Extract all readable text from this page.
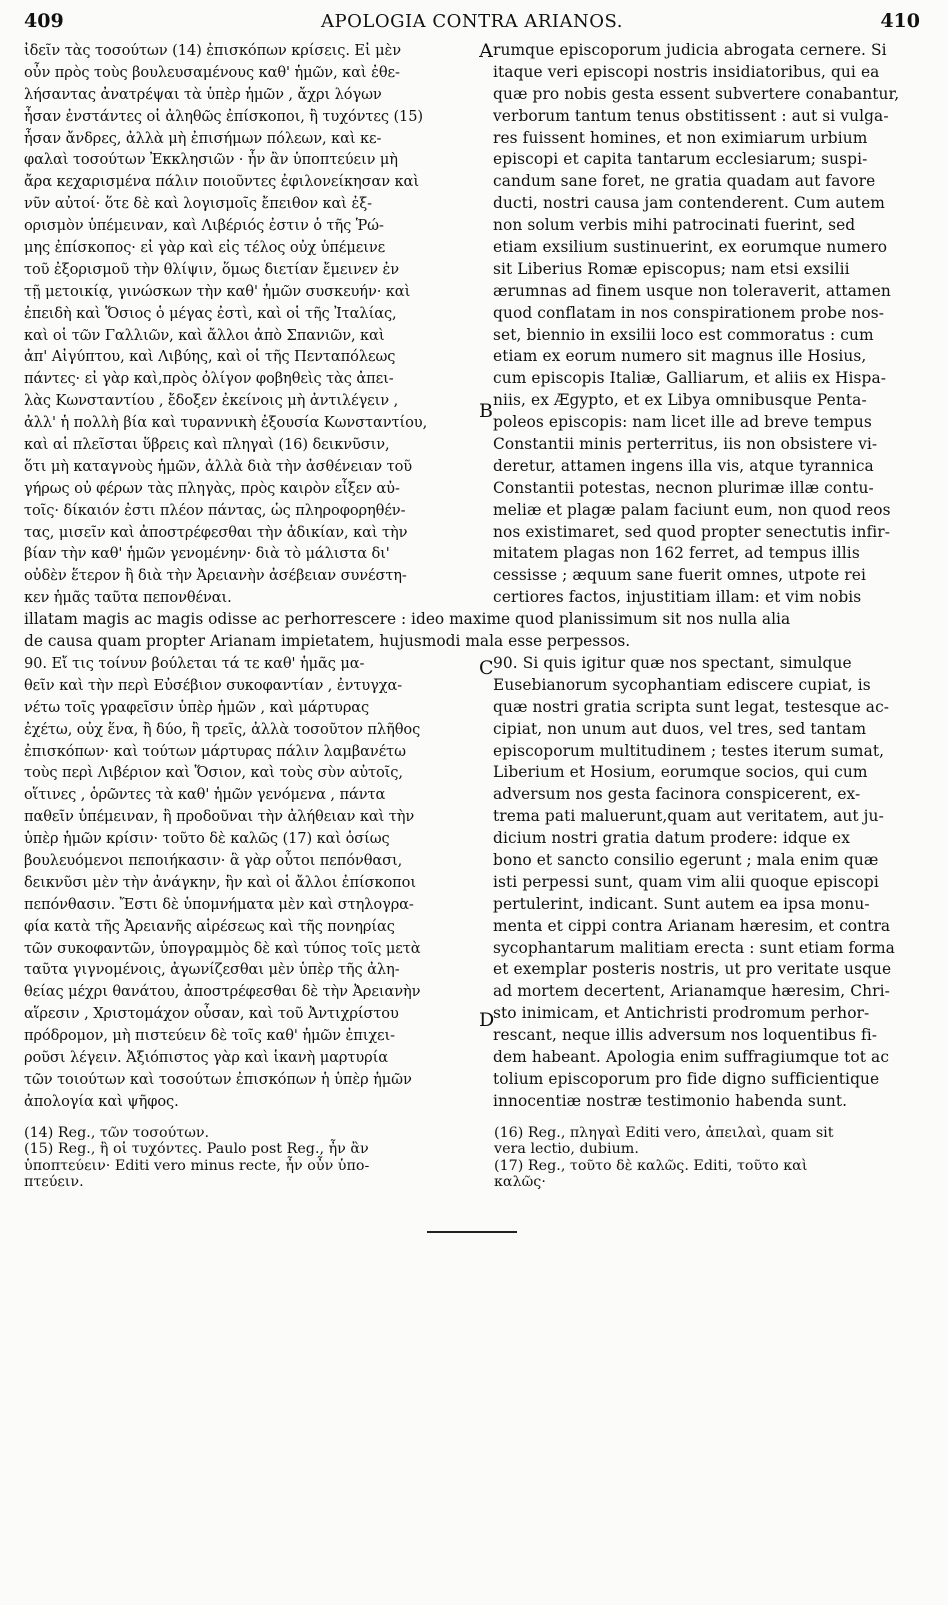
409	APOLOGIA CONTRA ARIANOS.	410

ἰδεῖν τὰς τοσούτων (14) ἐπισκόπων κρίσεις. Εἰ μὲν

οὖν πρὸς τοὺς βουλευσαμένους καθ' ἡμῶν, καὶ ἐθε-

λήσαντας ἀνατρέψαι τὰ ὑπὲρ ἡμῶν , ἄχρι λόγων

ἦσαν ἐνστάντες οἱ ἀληθῶς ἐπίσκοποι, ἢ τυχόντες (15)

ἦσαν ἄνδρες, ἀλλὰ μὴ ἐπισήμων πόλεων, καὶ κε-

φαλαὶ τοσούτων Ἐκκλησιῶν · ἦν ἂν ὑποπτεύειν μὴ

ἄρα κεχαρισμένα πάλιν ποιοῦντες ἐφιλονείκησαν καὶ

νῦν αὐτοί· ὅτε δὲ καὶ λογισμοῖς ἔπειθον καὶ ἐξ-

ορισμὸν ὑπέμειναν, καὶ Λιβέριός ἐστιν ὁ τῆς Ῥώ-

μης ἐπίσκοπος· εἰ γὰρ καὶ εἰς τέλος οὐχ ὑπέμεινε

τοῦ ἐξορισμοῦ τὴν θλίψιν, ὅμως διετίαν ἔμεινεν ἐν

τῇ μετοικίᾳ, γινώσκων τὴν καθ' ἡμῶν συσκευήν· καὶ

ἐπειδὴ καὶ Ὅσιος ὁ μέγας ἐστὶ, καὶ οἱ τῆς Ἰταλίας,

καὶ οἱ τῶν Γαλλιῶν, καὶ ἄλλοι ἀπὸ Σπανιῶν, καὶ

ἀπ' Αἰγύπτου, καὶ Λιβύης, καὶ οἱ τῆς Πενταπόλεως

πάντες· εἰ γὰρ καὶ,πρὸς ὀλίγον φοβηθεὶς τὰς ἀπει-

λὰς Κωνσταντίου , ἔδοξεν ἐκείνοις μὴ ἀντιλέγειν ,

ἀλλ' ἡ πολλὴ βία καὶ τυραννικὴ ἐξουσία Κωνσταντίου,

καὶ αἱ πλεῖσται ὕβρεις καὶ πληγαὶ (16) δεικνῦσιν,

ὅτι μὴ καταγνοὺς ἡμῶν, ἀλλὰ διὰ τὴν ἀσθένειαν τοῦ

γήρως οὐ φέρων τὰς πληγὰς, πρὸς καιρὸν εἶξεν αὐ-

τοῖς· δίκαιόν ἐστι πλέον πάντας, ὡς πληροφορηθέν-

τας, μισεῖν καὶ ἀποστρέφεσθαι τὴν ἀδικίαν, καὶ τὴν

βίαν τὴν καθ' ἡμῶν γενομένην· διὰ τὸ μάλιστα δι'

οὐδὲν ἕτερον ἢ διὰ τὴν Ἀρειανὴν ἀσέβειαν συνέστη-

κεν ἡμᾶς ταῦτα πεπονθέναι.

A
B

rumque episcoporum judicia abrogata cernere. Si

itaque veri episcopi nostris insidiatoribus, qui ea

quæ pro nobis gesta essent subvertere conabantur,

verborum tantum tenus obstitissent : aut si vulga-

res fuissent homines, et non eximiarum urbium

episcopi et capita tantarum ecclesiarum; suspi-

candum sane foret, ne gratia quadam aut favore

ducti, nostri causa jam contenderent. Cum autem

non solum verbis mihi patrocinati fuerint, sed

etiam exsilium sustinuerint, ex eorumque numero

sit Liberius Romæ episcopus; nam etsi exsilii

ærumnas ad finem usque non toleraverit, attamen

quod conflatam in nos conspirationem probe nos-

set, biennio in exsilii loco est commoratus : cum

etiam ex eorum numero sit magnus ille Hosius,

cum episcopis Italiæ, Galliarum, et aliis ex Hispa-

niis, ex Ægypto, et ex Libya omnibusque Penta-

poleos episcopis: nam licet ille ad breve tempus

Constantii minis perterritus, iis non obsistere vi-

deretur, attamen ingens illa vis, atque tyrannica

Constantii potestas, necnon plurimæ illæ contu-

meliæ et plagæ palam faciunt eum, non quod reos

nos existimaret, sed quod propter senectutis infir-

mitatem plagas non 162 ferret, ad tempus illis

cessisse ; æquum sane fuerit omnes, utpote rei

certiores factos, injustitiam illam: et vim nobis

illatam magis ac magis odisse ac perhorrescere : ideo maxime quod planissimum sit nos nulla alia

de causa quam propter Arianam impietatem, hujusmodi mala esse perpessos.

90. Εἴ τις τοίνυν βούλεται τά τε καθ' ἡμᾶς μα-

θεῖν καὶ τὴν περὶ Εὐσέβιον συκοφαντίαν , ἐντυγχα-

νέτω τοῖς γραφεῖσιν ὑπὲρ ἡμῶν , καὶ μάρτυρας

ἐχέτω, οὐχ ἕνα, ἢ δύο, ἢ τρεῖς, ἀλλὰ τοσοῦτον πλῆθος

ἐπισκόπων· καὶ τούτων μάρτυρας πάλιν λαμβανέτω

τοὺς περὶ Λιβέριον καὶ Ὅσιον, καὶ τοὺς σὺν αὐτοῖς,

οἵτινες , ὁρῶντες τὰ καθ' ἡμῶν γενόμενα , πάντα

παθεῖν ὑπέμειναν, ἢ προδοῦναι τὴν ἀλήθειαν καὶ τὴν

ὑπὲρ ἡμῶν κρίσιν· τοῦτο δὲ καλῶς (17) καὶ ὁσίως

βουλευόμενοι πεποιήκασιν· ἃ γὰρ οὗτοι πεπόνθασι,

δεικνῦσι μὲν τὴν ἀνάγκην, ἣν καὶ οἱ ἄλλοι ἐπίσκοποι

πεπόνθασιν. Ἔστι δὲ ὑπομνήματα μὲν καὶ στηλογρα-

φία κατὰ τῆς Ἀρειανῆς αἱρέσεως καὶ τῆς πονηρίας

τῶν συκοφαντῶν, ὑπογραμμὸς δὲ καὶ τύπος τοῖς μετὰ

ταῦτα γιγνομένοις, ἀγωνίζεσθαι μὲν ὑπὲρ τῆς ἀλη-

θείας μέχρι θανάτου, ἀποστρέφεσθαι δὲ τὴν Ἀρειανὴν

αἵρεσιν , Χριστομάχον οὖσαν, καὶ τοῦ Ἀντιχρίστου

πρόδρομον, μὴ πιστεύειν δὲ τοῖς καθ' ἡμῶν ἐπιχει-

ροῦσι λέγειν. Ἀξιόπιστος γὰρ καὶ ἱκανὴ μαρτυρία

τῶν τοιούτων καὶ τοσούτων ἐπισκόπων ἡ ὑπὲρ ἡμῶν

ἀπολογία καὶ ψῆφος.

C
D

90. Si quis igitur quæ nos spectant, simulque

Eusebianorum sycophantiam ediscere cupiat, is

quæ nostri gratia scripta sunt legat, testesque ac-

cipiat, non unum aut duos, vel tres, sed tantam

episcoporum multitudinem ; testes iterum sumat,

Liberium et Hosium, eorumque socios, qui cum

adversum nos gesta facinora conspicerent, ex-

trema pati maluerunt,quam aut veritatem, aut ju-

dicium nostri gratia datum prodere: idque ex

bono et sancto consilio egerunt ; mala enim quæ

isti perpessi sunt, quam vim alii quoque episcopi

pertulerint, indicant. Sunt autem ea ipsa monu-

menta et cippi contra Arianam hæresim, et contra

sycophantarum malitiam erecta : sunt etiam forma

et exemplar posteris nostris, ut pro veritate usque

ad mortem decertent, Arianamque hæresim, Chri-

sto inimicam, et Antichristi prodromum perhor-

rescant, neque illis adversum nos loquentibus fi-

dem habeant. Apologia enim suffragiumque tot ac

tolium episcoporum pro fide digno sufficientique

innocentiæ nostræ testimonio habenda sunt.

(14) Reg., τῶν τοσούτων.

(15) Reg., ἢ οἱ τυχόντες. Paulo post Reg., ἦν ἂν

ὑποπτεύειν· Editi vero minus recte, ἦν οὖν ὑπο-

πτεύειν.

(16) Reg., πληγαὶ Editi vero, ἀπειλαὶ, quam sit

vera lectio, dubium.

(17) Reg., τοῦτο δὲ καλῶς. Editi, τοῦτο καὶ

καλῶς·
